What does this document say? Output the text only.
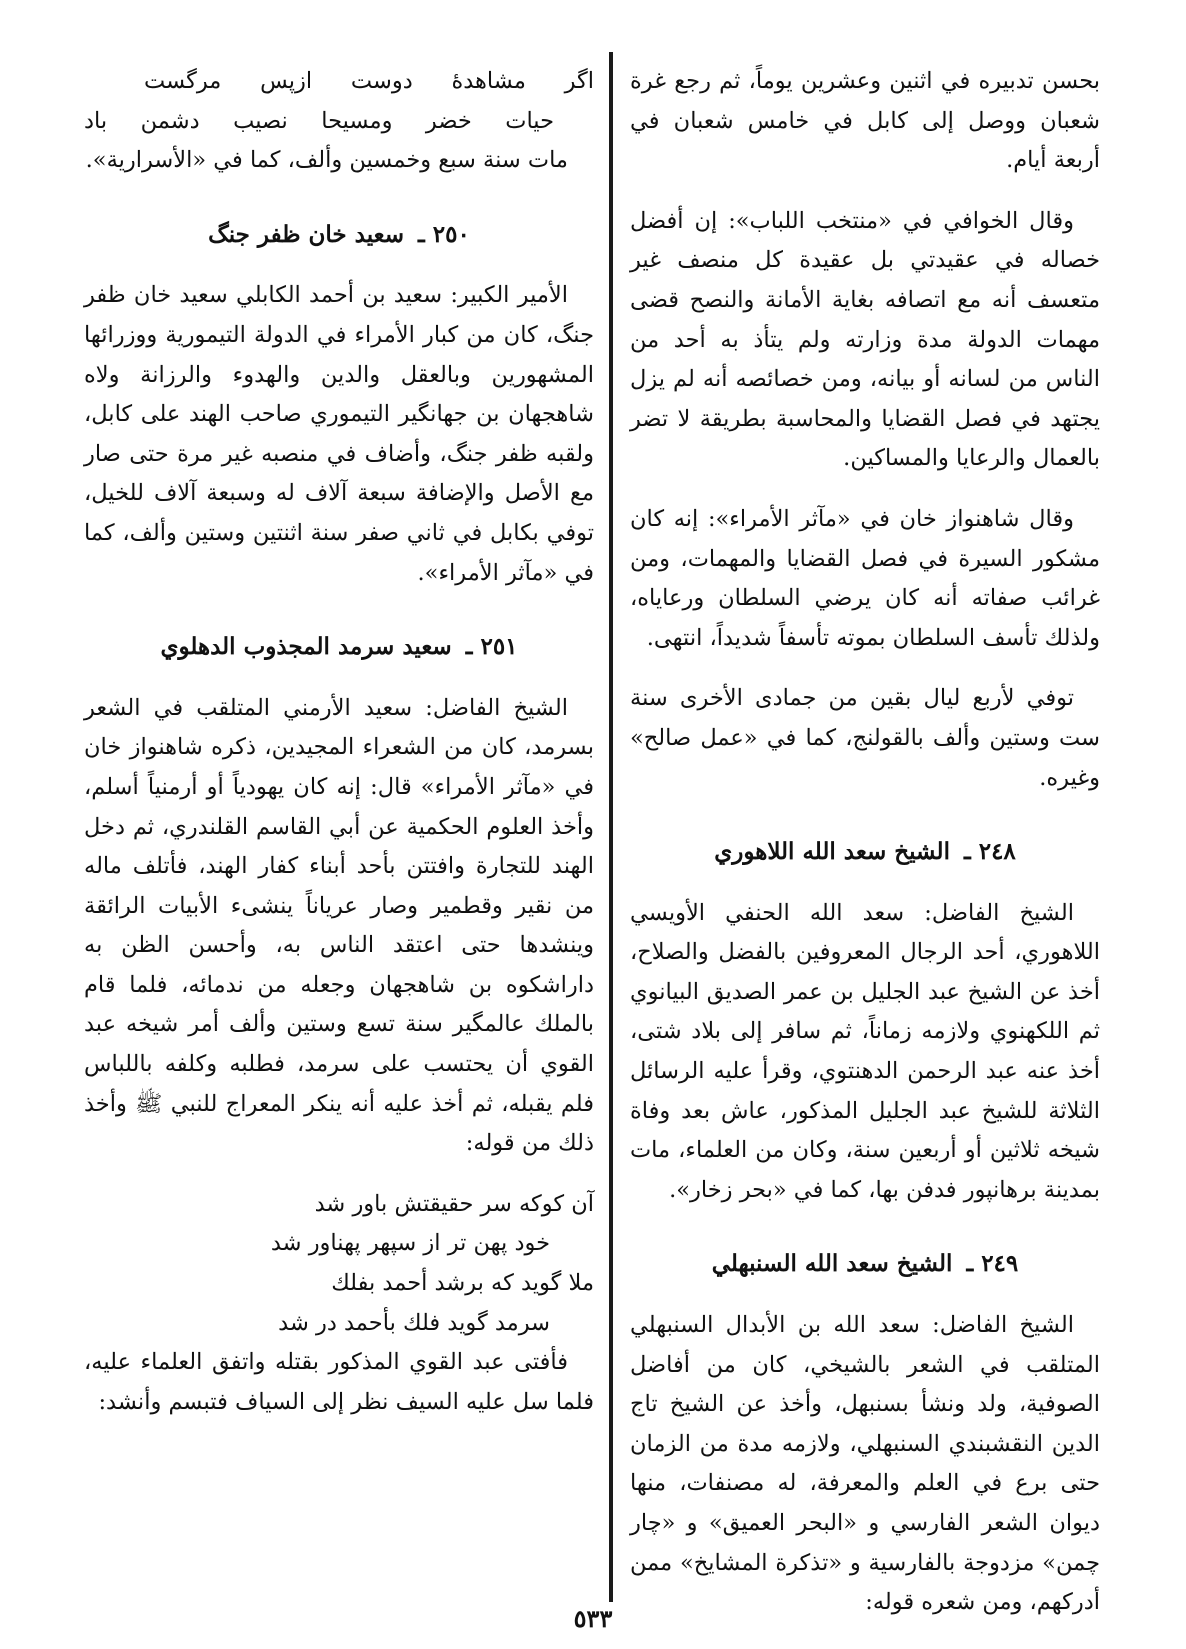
بحسن تدبيره في اثنين وعشرين يوماً، ثم رجع غرة شعبان ووصل إلى كابل في خامس شعبان في أربعة أيام.

وقال الخوافي في «منتخب اللباب»: إن أفضل خصاله في عقيدتي بل عقيدة كل منصف غير متعسف أنه مع اتصافه بغاية الأمانة والنصح قضى مهمات الدولة مدة وزارته ولم يتأذ به أحد من الناس من لسانه أو بيانه، ومن خصائصه أنه لم يزل يجتهد في فصل القضايا والمحاسبة بطريقة لا تضر بالعمال والرعايا والمساكين.

وقال شاهنواز خان في «مآثر الأمراء»: إنه كان مشكور السيرة في فصل القضايا والمهمات، ومن غرائب صفاته أنه كان يرضي السلطان ورعاياه، ولذلك تأسف السلطان بموته تأسفاً شديداً، انتهى.

توفي لأربع ليال بقين من جمادى الأخرى سنة ست وستين وألف بالقولنج، كما في «عمل صالح» وغيره.

٢٤٨ ـ الشيخ سعد الله اللاهوري

الشيخ الفاضل: سعد الله الحنفي الأويسي اللاهوري، أحد الرجال المعروفين بالفضل والصلاح، أخذ عن الشيخ عبد الجليل بن عمر الصديق البيانوي ثم اللكهنوي ولازمه زماناً، ثم سافر إلى بلاد شتى، أخذ عنه عبد الرحمن الدهنتوي، وقرأ عليه الرسائل الثلاثة للشيخ عبد الجليل المذكور، عاش بعد وفاة شيخه ثلاثين أو أربعين سنة، وكان من العلماء، مات بمدينة برهانپور فدفن بها، كما في «بحر زخار».

٢٤٩ ـ الشيخ سعد الله السنبهلي

الشيخ الفاضل: سعد الله بن الأبدال السنبهلي المتلقب في الشعر بالشيخي، كان من أفاضل الصوفية، ولد ونشأ بسنبهل، وأخذ عن الشيخ تاج الدين النقشبندي السنبهلي، ولازمه مدة من الزمان حتى برع في العلم والمعرفة، له مصنفات، منها ديوان الشعر الفارسي و «البحر العميق» و «چار چمن» مزدوجة بالفارسية و «تذكرة المشايخ» ممن أدركهم، ومن شعره قوله:

اگر مشاهدهٔ دوست ازپس مرگست

حيات خضر ومسيحا نصيب دشمن باد

مات سنة سبع وخمسين وألف، كما في «الأسرارية».

٢٥٠ ـ سعيد خان ظفر جنگ

الأمير الكبير: سعيد بن أحمد الكابلي سعيد خان ظفر جنگ، كان من كبار الأمراء في الدولة التيمورية ووزرائها المشهورين وبالعقل والدين والهدوء والرزانة ولاه شاهجهان بن جهانگير التيموري صاحب الهند على كابل، ولقبه ظفر جنگ، وأضاف في منصبه غير مرة حتى صار مع الأصل والإضافة سبعة آلاف له وسبعة آلاف للخيل، توفي بكابل في ثاني صفر سنة اثنتين وستين وألف، كما في «مآثر الأمراء».

٢٥١ ـ سعيد سرمد المجذوب الدهلوي

الشيخ الفاضل: سعيد الأرمني المتلقب في الشعر بسرمد، كان من الشعراء المجيدين، ذكره شاهنواز خان في «مآثر الأمراء» قال: إنه كان يهودياً أو أرمنياً أسلم، وأخذ العلوم الحكمية عن أبي القاسم القلندري، ثم دخل الهند للتجارة وافتتن بأحد أبناء كفار الهند، فأتلف ماله من نقير وقطمير وصار عرياناً ينشىء الأبيات الرائقة وينشدها حتى اعتقد الناس به، وأحسن الظن به داراشكوه بن شاهجهان وجعله من ندمائه، فلما قام بالملك عالمگير سنة تسع وستين وألف أمر شيخه عبد القوي أن يحتسب على سرمد، فطلبه وكلفه باللباس فلم يقبله، ثم أخذ عليه أنه ينكر المعراج للنبي ﷺ وأخذ ذلك من قوله:

آن كوكه سر حقيقتش باور شد

خود پهن تر از سپهر پهناور شد

ملا گويد كه برشد أحمد بفلك

سرمد گويد فلك بأحمد در شد

فأفتى عبد القوي المذكور بقتله واتفق العلماء عليه، فلما سل عليه السيف نظر إلى السياف فتبسم وأنشد:

٥٣٣
